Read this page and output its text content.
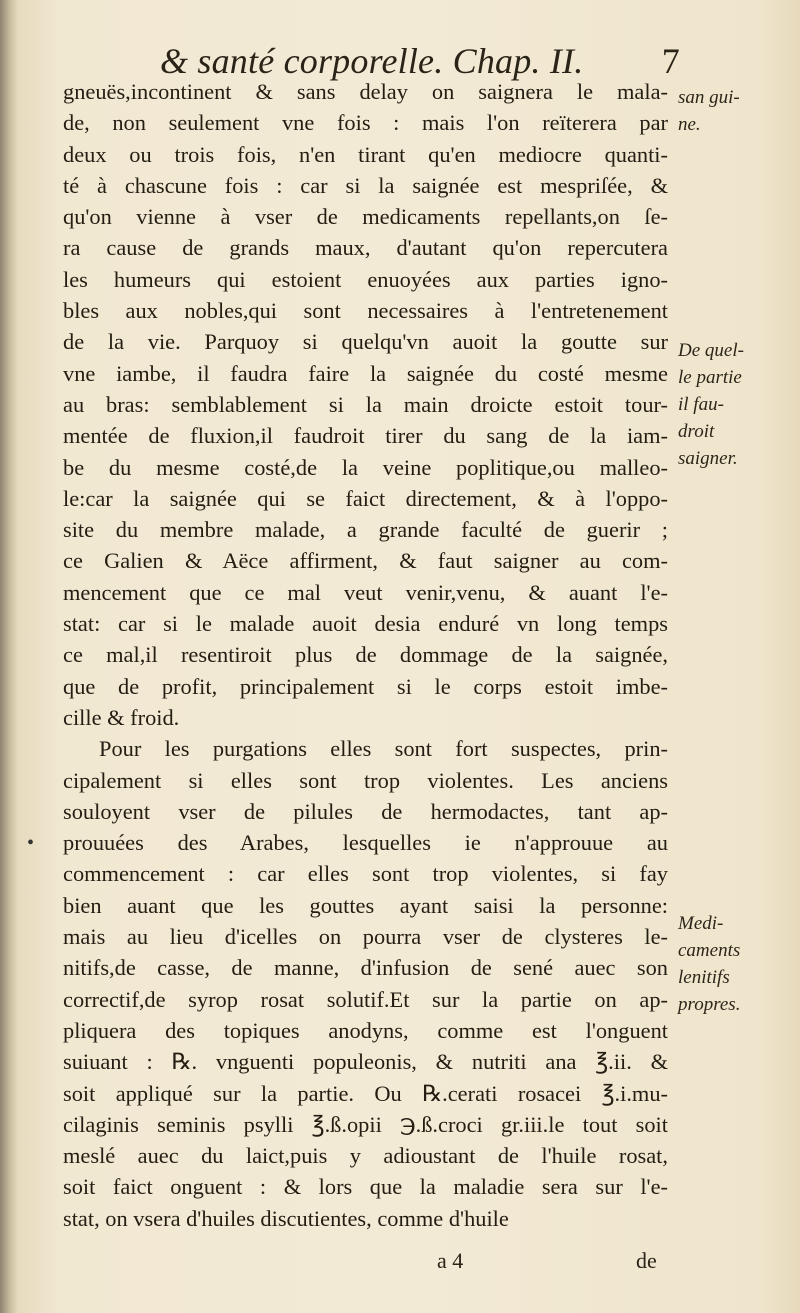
& santé corporelle. Chap. II. 7
gneuës,incontinent & sans delay on saignera le mala-
de, non seulement vne fois : mais l'on reïterera par
deux ou trois fois, n'en tirant qu'en mediocre quanti-
té à chascune fois : car si la saignée est mespriſée, &
qu'on vienne à vser de medicaments repellants,on ſe-
ra cause de grands maux, d'autant qu'on repercutera
les humeurs qui estoient enuoyées aux parties igno-
bles aux nobles,qui sont necessaires à l'entretenement
de la vie. Parquoy si quelqu'vn auoit la goutte sur
vne iambe, il faudra faire la saignée du costé mesme
au bras: semblablement si la main droicte estoit tour-
mentée de fluxion,il faudroit tirer du sang de la iam-
be du mesme costé,de la veine poplitique,ou malleo-
le:car la saignée qui se faict directement, & à l'oppo-
site du membre malade, a grande faculté de guerir ;
ce Galien & Aëce affirment, & faut saigner au com-
mencement que ce mal veut venir,venu, & auant l'e-
stat: car si le malade auoit desia enduré vn long temps
ce mal,il resentiroit plus de dommage de la saignée,
que de profit, principalement si le corps estoit imbe-
cille & froid.
Pour les purgations elles sont fort suspectes, prin-
cipalement si elles sont trop violentes. Les anciens
souloyent vser de pilules de hermodactes, tant ap-
prouuées des Arabes, lesquelles ie n'approuue au
commencement : car elles sont trop violentes, si fay
bien auant que les gouttes ayant saisi la personne:
mais au lieu d'icelles on pourra vser de clysteres le-
nitifs,de casse, de manne, d'infusion de sené auec son
correctif,de syrop rosat solutif.Et sur la partie on ap-
pliquera des topiques anodyns, comme est l'onguent
suiuant : ℞. vnguenti populeonis, & nutriti ana ℥.ii. &
soit appliqué sur la partie. Ou ℞.cerati rosacei ℥.i.mu-
cilaginis seminis psylli ℥.ß.opii ℈.ß.croci gr.iii.le tout soit
meslé auec du laict,puis y adioustant de l'huile rosat,
soit faict onguent : & lors que la maladie sera sur l'e-
stat, on vsera d'huiles discutientes, comme d'huile
san gui-
ne.
De quel-
le partie
il fau-
droit
saigner.
Medi-
caments
lenitifs
propres.
a 4	de
•
